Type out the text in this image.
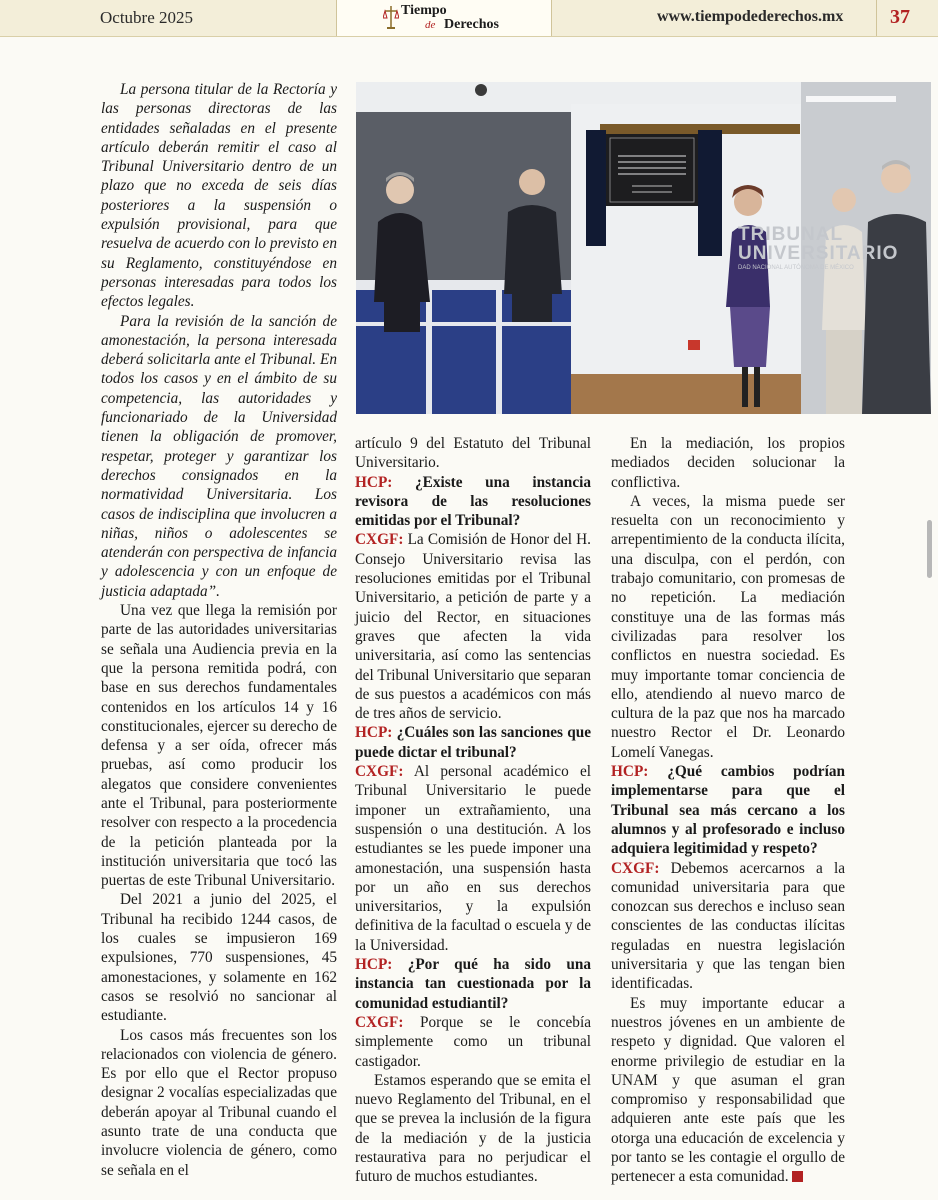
Octubre 2025	Tiempo
de Derechos	www.tiempodederechos.mx 37

La persona titular de la Rectoría y las personas directoras de las entidades señaladas en el presente artículo deberán remitir el caso al Tribunal Universitario dentro de un plazo que no exceda de seis días posteriores a la suspensión o expulsión provisional, para que resuelva de acuerdo con lo previsto en su Reglamento, constituyéndose en personas interesadas para todos los efectos legales.

Para la revisión de la sanción de amonestación, la persona interesada deberá solicitarla ante el Tribunal. En todos los casos y en el ámbito de su competencia, las autoridades y funcionariado de la Universidad tienen la obligación de promover, respetar, proteger y garantizar los derechos consignados en la normatividad Universitaria. Los casos de indisciplina que involucren a niñas, niños o adolescentes se atenderán con perspectiva de infancia y adolescencia y con un enfoque de justicia adaptada”.

Una vez que llega la remisión por parte de las autoridades universitarias se señala una Audiencia previa en la que la persona remitida podrá, con base en sus derechos fundamentales contenidos en los artículos 14 y 16 constitucionales, ejercer su derecho de defensa y a ser oída, ofrecer más pruebas, así como producir los alegatos que considere convenientes ante el Tribunal, para posteriormente resolver con respecto a la procedencia de la petición planteada por la institución universitaria que tocó las puertas de este Tribunal Universitario.

Del 2021 a junio del 2025, el Tribunal ha recibido 1244 casos, de los cuales se impusieron 169 expulsiones, 770 suspensiones, 45 amonestaciones, y solamente en 162 casos se resolvió no sancionar al estudiante.

Los casos más frecuentes son los relacionados con violencia de género. Es por ello que el Rector propuso designar 2 vocalías especializadas que deberán apoyar al Tribunal cuando el asunto trate de una conducta que involucre violencia de género, como se señala en el

TRIBUNAL
UNIVERSITARIO
DAD NACIONAL AUTÓNOMA DE MÉXICO

artículo 9 del Estatuto del Tribunal Universitario.

HCP: ¿Existe una instancia revisora de las resoluciones emitidas por el Tribunal?

CXGF: La Comisión de Honor del H. Consejo Universitario revisa las resoluciones emitidas por el Tribunal Universitario, a petición de parte y a juicio del Rector, en situaciones graves que afecten la vida universitaria, así como las sentencias del Tribunal Universitario que separan de sus puestos a académicos con más de tres años de servicio.

HCP: ¿Cuáles son las sanciones que puede dictar el tribunal?

CXGF: Al personal académico el Tribunal Universitario le puede imponer un extrañamiento, una suspensión o una destitución. A los estudiantes se les puede imponer una amonestación, una suspensión hasta por un año en sus derechos universitarios, y la expulsión definitiva de la facultad o escuela y de la Universidad.

HCP: ¿Por qué ha sido una instancia tan cuestionada por la comunidad estudiantil?

CXGF: Porque se le concebía simplemente como un tribunal castigador.

Estamos esperando que se emita el nuevo Reglamento del Tribunal, en el que se prevea la inclusión de la figura de la mediación y de la justicia restaurativa para no perjudicar el futuro de muchos estudiantes.

En la mediación, los propios mediados deciden solucionar la conflictiva.

A veces, la misma puede ser resuelta con un reconocimiento y arrepentimiento de la conducta ilícita, una disculpa, con el perdón, con trabajo comunitario, con promesas de no repetición. La mediación constituye una de las formas más civilizadas para resolver los conflictos en nuestra sociedad. Es muy importante tomar conciencia de ello, atendiendo al nuevo marco de cultura de la paz que nos ha marcado nuestro Rector el Dr. Leonardo Lomelí Vanegas.

HCP: ¿Qué cambios podrían implementarse para que el Tribunal sea más cercano a los alumnos y al profesorado e incluso adquiera legitimidad y respeto?

CXGF: Debemos acercarnos a la comunidad universitaria para que conozcan sus derechos e incluso sean conscientes de las conductas ilícitas reguladas en nuestra legislación universitaria y que las tengan bien identificadas.

Es muy importante educar a nuestros jóvenes en un ambiente de respeto y dignidad. Que valoren el enorme privilegio de estudiar en la UNAM y que asuman el gran compromiso y responsabilidad que adquieren ante este país que les otorga una educación de excelencia y por tanto se les contagie el orgullo de pertenecer a esta comunidad.
